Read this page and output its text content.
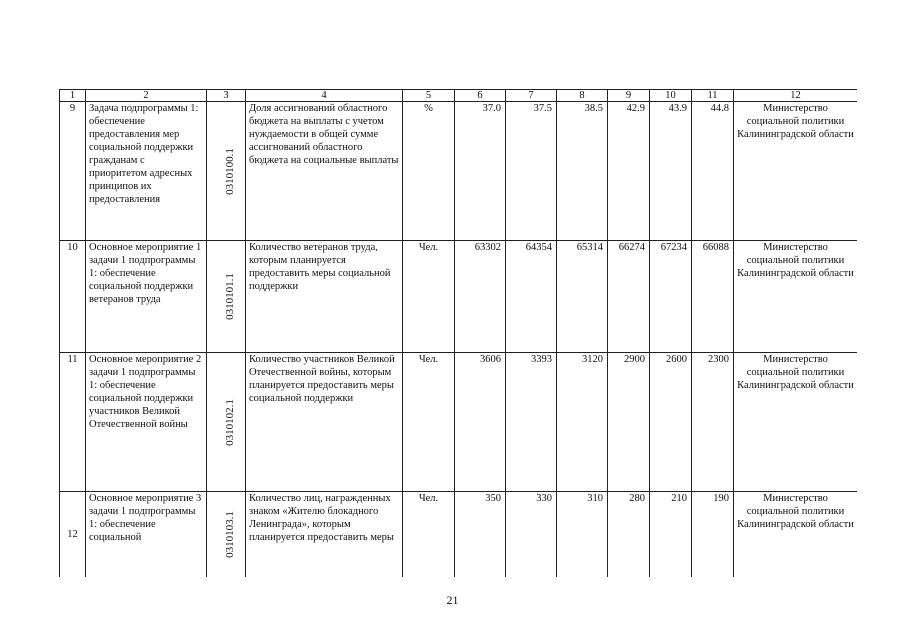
1	2	3	4	5	6	7	8	9	10	11	12
9	Задача подпрограммы 1: обеспечение предоставления мер социальной поддержки гражданам с приоритетом адресных принципов их предоставления	0310100.1	Доля ассигнований областного бюджета на выплаты с учетом нуждаемости в общей сумме ассигнований областного бюджета на социальные выплаты	%	37.0	37.5	38.5	42.9	43.9	44.8	Министерство социальной политики Калининградской области
10	Основное мероприятие 1 задачи 1 подпрограммы 1: обеспечение социальной поддержки ветеранов труда	0310101.1	Количество ветеранов труда, которым планируется предоставить меры социальной поддержки	Чел.	63302	64354	65314	66274	67234	66088	Министерство социальной политики Калининградской области
11	Основное мероприятие 2 задачи 1 подпрограммы 1: обеспечение социальной поддержки участников Великой Отечественной войны	0310102.1	Количество участников Великой Отечественной войны, которым планируется предоставить меры социальной поддержки	Чел.	3606	3393	3120	2900	2600	2300	Министерство социальной политики Калининградской области
12	Основное мероприятие 3 задачи 1 подпрограммы 1: обеспечение социальной	0310103.1	Количество лиц, награжденных знаком «Жителю блокадного Ленинграда», которым планируется предоставить меры	Чел.	350	330	310	280	210	190	Министерство социальной политики Калининградской области
21
